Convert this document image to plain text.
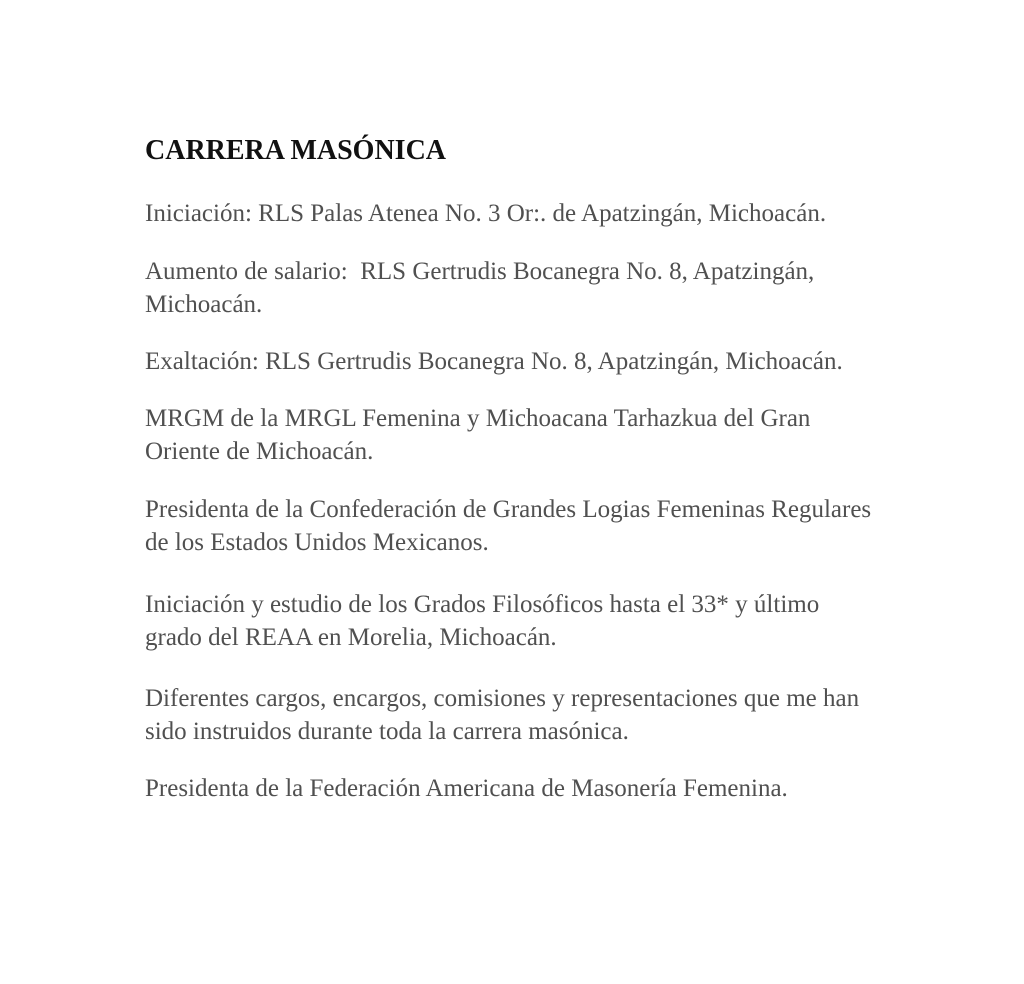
CARRERA MASÓNICA

Iniciación: RLS Palas Atenea No. 3 Or:. de Apatzingán, Michoacán.

Aumento de salario:  RLS Gertrudis Bocanegra No. 8, Apatzingán,
Michoacán.

Exaltación: RLS Gertrudis Bocanegra No. 8, Apatzingán, Michoacán.

MRGM de la MRGL Femenina y Michoacana Tarhazkua del Gran
Oriente de Michoacán.

Presidenta de la Confederación de Grandes Logias Femeninas Regulares
de los Estados Unidos Mexicanos.

Iniciación y estudio de los Grados Filosóficos hasta el 33* y último
grado del REAA en Morelia, Michoacán.

Diferentes cargos, encargos, comisiones y representaciones que me han
sido instruidos durante toda la carrera masónica.

Presidenta de la Federación Americana de Masonería Femenina.
